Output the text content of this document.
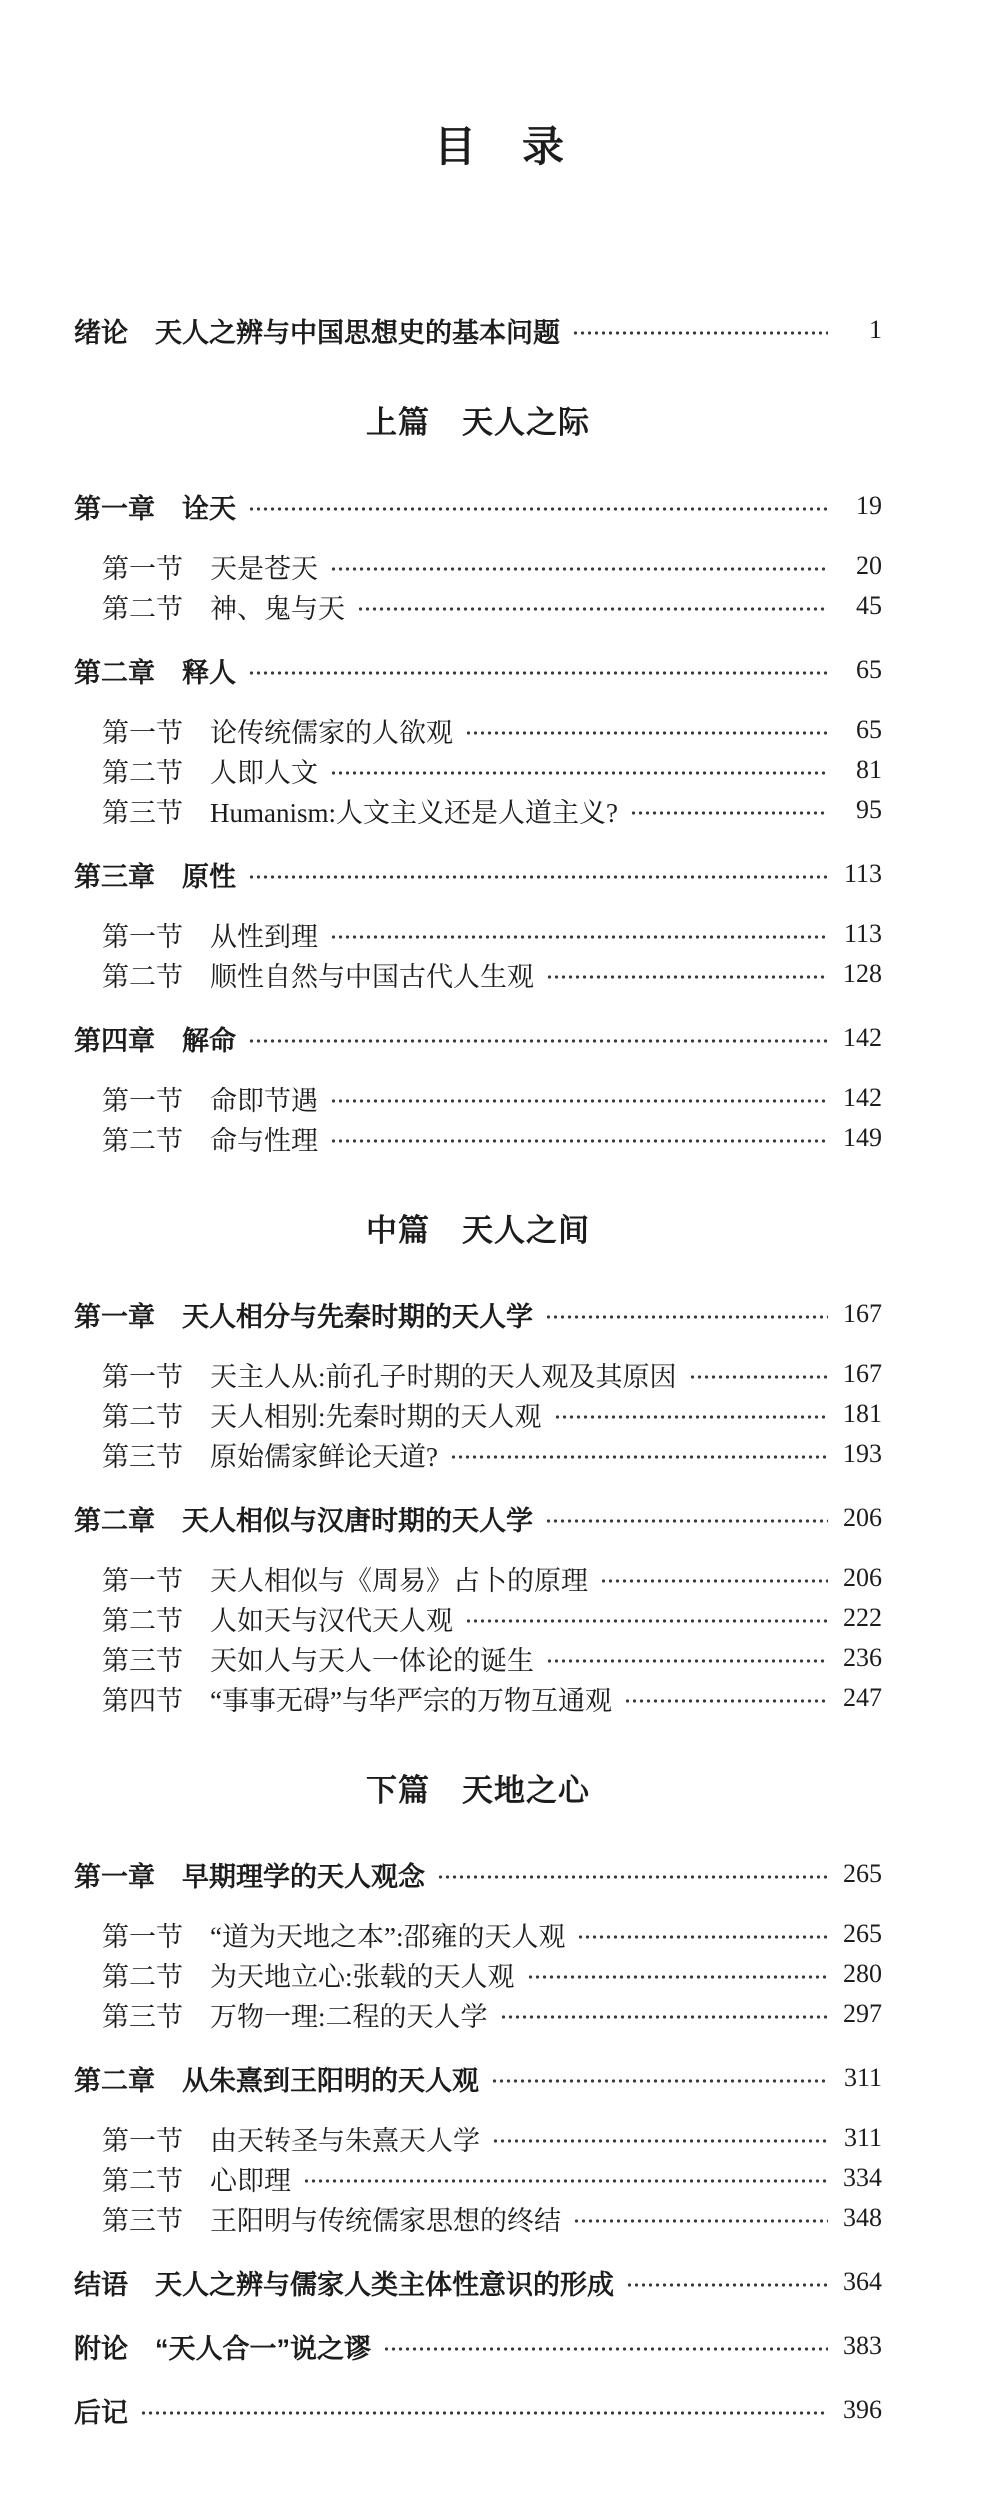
目　录
绪论　天人之辨与中国思想史的基本问题	1
上篇　天人之际
第一章　诠天	19
第一节　天是苍天	20
第二节　神、鬼与天	45
第二章　释人	65
第一节　论传统儒家的人欲观	65
第二节　人即人文	81
第三节　Humanism:人文主义还是人道主义?	95
第三章　原性	113
第一节　从性到理	113
第二节　顺性自然与中国古代人生观	128
第四章　解命	142
第一节　命即节遇	142
第二节　命与性理	149
中篇　天人之间
第一章　天人相分与先秦时期的天人学	167
第一节　天主人从:前孔子时期的天人观及其原因	167
第二节　天人相别:先秦时期的天人观	181
第三节　原始儒家鲜论天道?	193
第二章　天人相似与汉唐时期的天人学	206
第一节　天人相似与《周易》占卜的原理	206
第二节　人如天与汉代天人观	222
第三节　天如人与天人一体论的诞生	236
第四节　“事事无碍”与华严宗的万物互通观	247
下篇　天地之心
第一章　早期理学的天人观念	265
第一节　“道为天地之本”:邵雍的天人观	265
第二节　为天地立心:张载的天人观	280
第三节　万物一理:二程的天人学	297
第二章　从朱熹到王阳明的天人观	311
第一节　由天转圣与朱熹天人学	311
第二节　心即理	334
第三节　王阳明与传统儒家思想的终结	348
结语　天人之辨与儒家人类主体性意识的形成	364
附论　“天人合一”说之谬	383
后记	396
